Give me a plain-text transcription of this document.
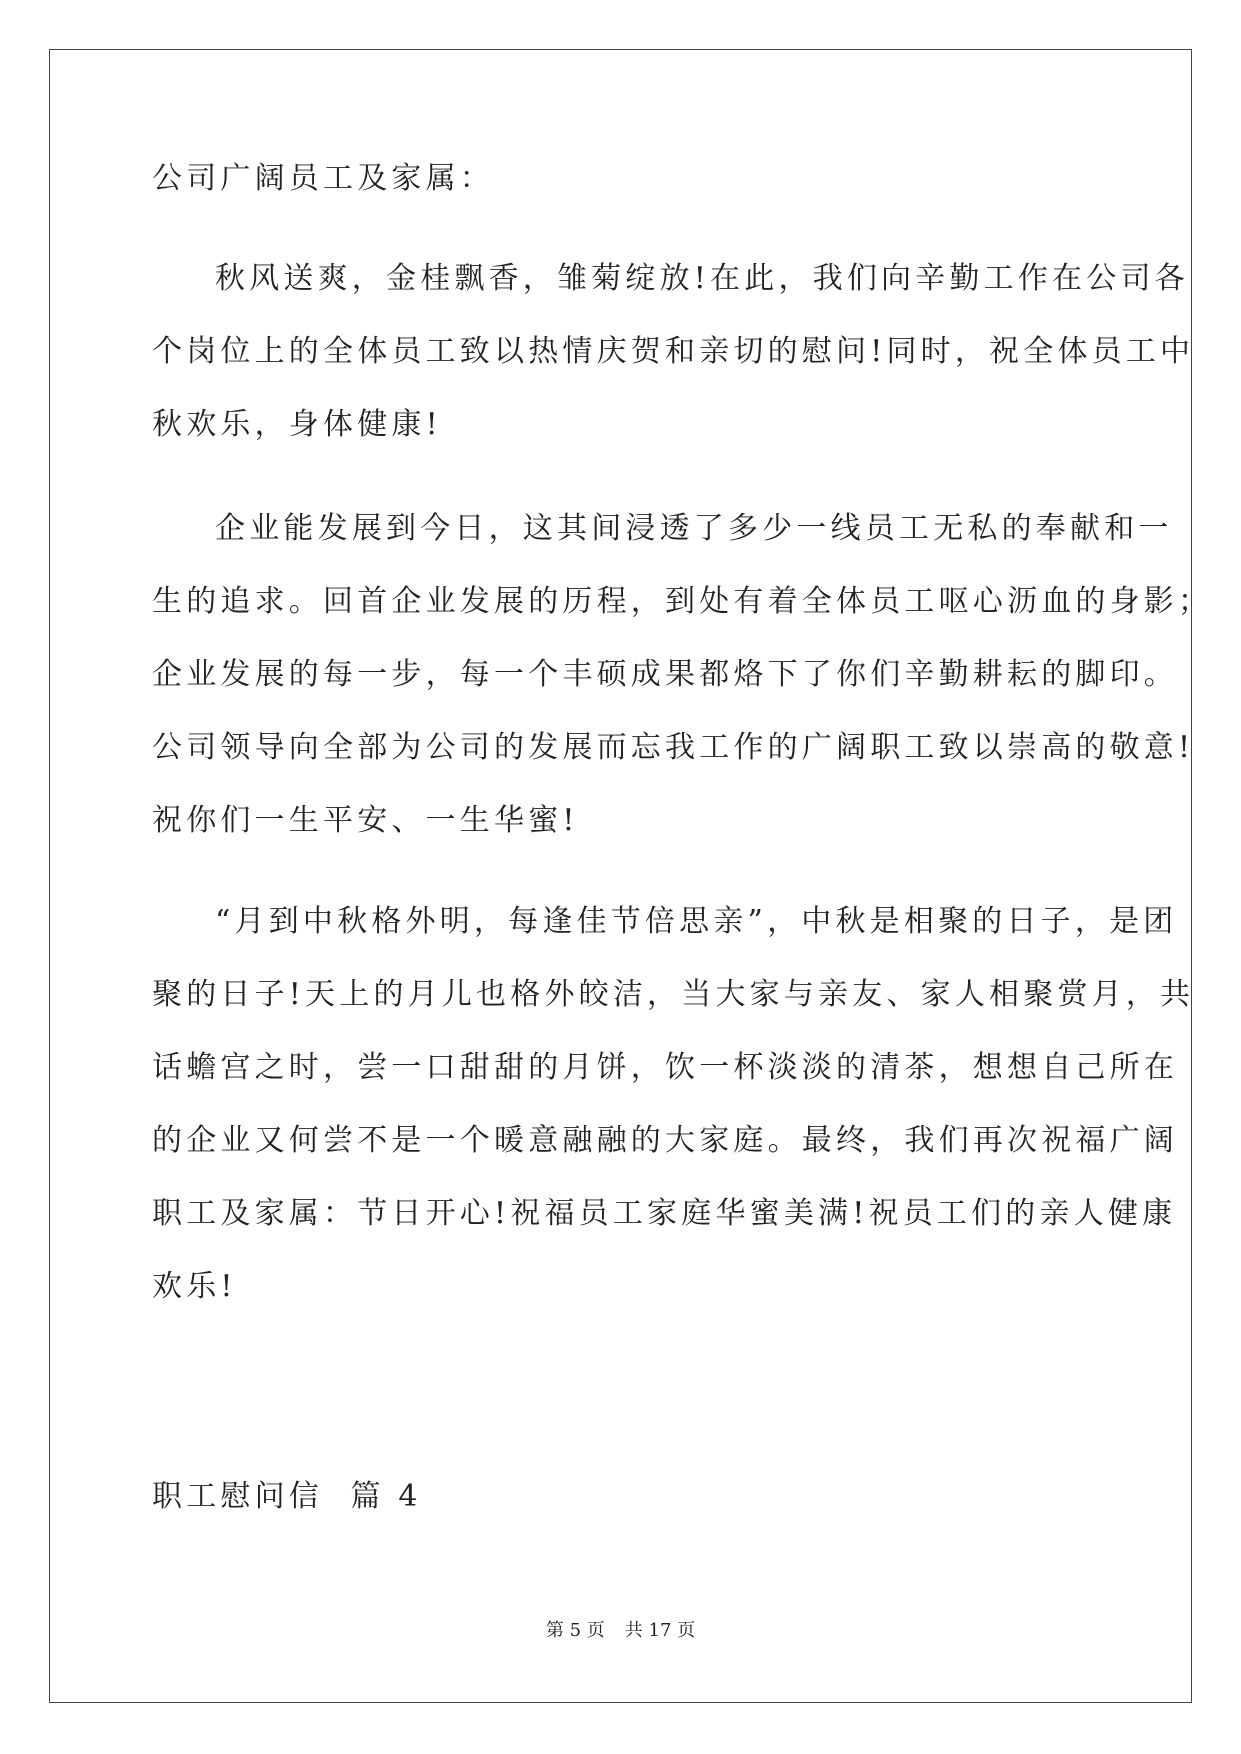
公司广阔员工及家属：
秋风送爽，金桂飘香，雏菊绽放!在此，我们向辛勤工作在公司各
个岗位上的全体员工致以热情庆贺和亲切的慰问!同时，祝全体员工中
秋欢乐，身体健康!
企业能发展到今日，这其间浸透了多少一线员工无私的奉献和一
生的追求。回首企业发展的历程，到处有着全体员工呕心沥血的身影；
企业发展的每一步，每一个丰硕成果都烙下了你们辛勤耕耘的脚印。
公司领导向全部为公司的发展而忘我工作的广阔职工致以崇高的敬意!
祝你们一生平安、一生华蜜!
“月到中秋格外明，每逢佳节倍思亲”，中秋是相聚的日子，是团
聚的日子!天上的月儿也格外皎洁，当大家与亲友、家人相聚赏月，共
话蟾宫之时，尝一口甜甜的月饼，饮一杯淡淡的清茶，想想自己所在
的企业又何尝不是一个暖意融融的大家庭。最终，我们再次祝福广阔
职工及家属：节日开心!祝福员工家庭华蜜美满!祝员工们的亲人健康
欢乐!
职工慰问信  篇 4
第 5 页 共 17 页
